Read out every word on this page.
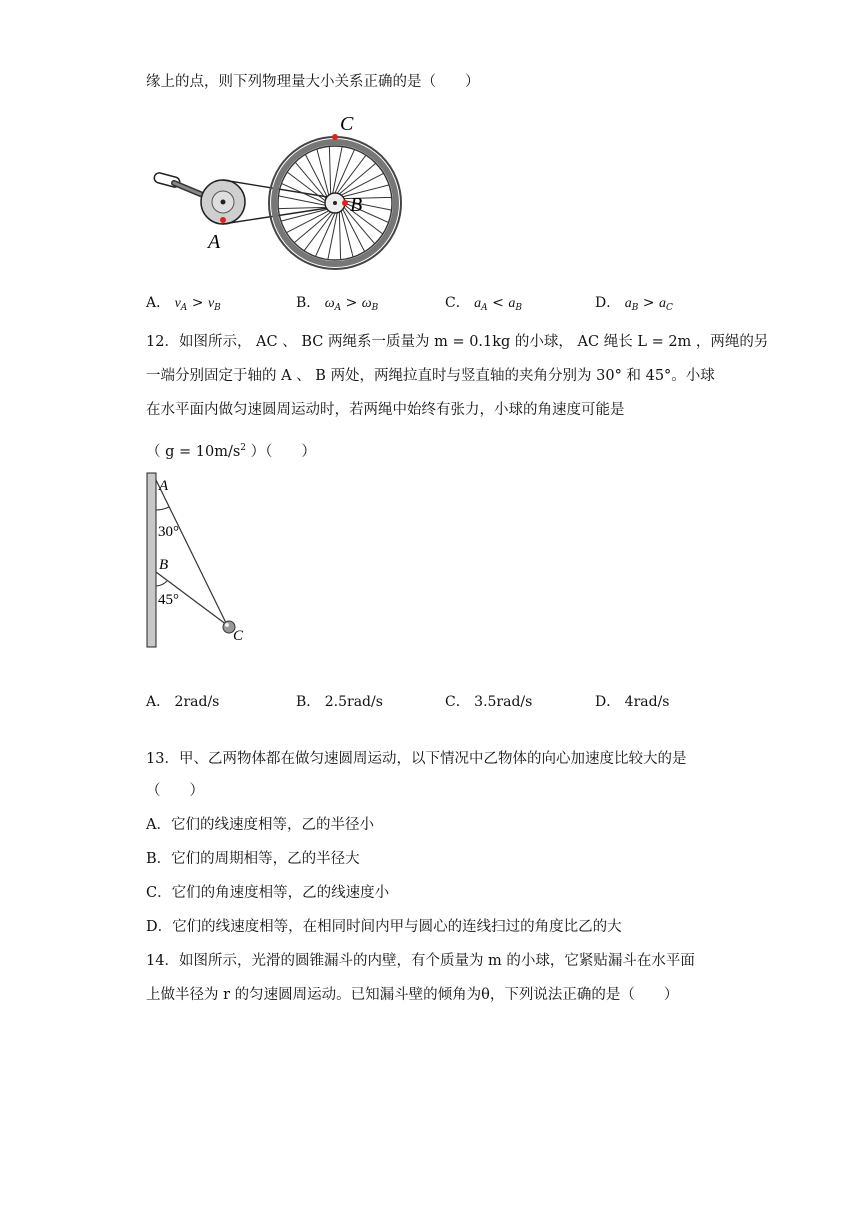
缘上的点，则下列物理量大小关系正确的是（　　）
A
B
C
A． $v_A > v_B$	B． $\omega_A > \omega_B$	C． $a_A < a_B$	D． $a_B > a_C$
12．如图所示， AC 、 BC 两绳系一质量为 m = 0.1kg 的小球， AC 绳长 L = 2m ，两绳的另
一端分别固定于轴的 A 、 B 两处，两绳拉直时与竖直轴的夹角分别为 30° 和 45°。小球
在水平面内做匀速圆周运动时，若两绳中始终有张力，小球的角速度可能是
（ $g = 10m/s^2$ ）（　　）
A
30°
B
45°
C
A． 2rad/s	B． 2.5rad/s	C． 3.5rad/s	D． 4rad/s
13．甲、乙两物体都在做匀速圆周运动，以下情况中乙物体的向心加速度比较大的是
（　　）
A．它们的线速度相等，乙的半径小
B．它们的周期相等，乙的半径大
C．它们的角速度相等，乙的线速度小
D．它们的线速度相等，在相同时间内甲与圆心的连线扫过的角度比乙的大
14．如图所示，光滑的圆锥漏斗的内壁，有个质量为 m 的小球，它紧贴漏斗在水平面
上做半径为 r 的匀速圆周运动。已知漏斗壁的倾角为θ，下列说法正确的是（　　）
